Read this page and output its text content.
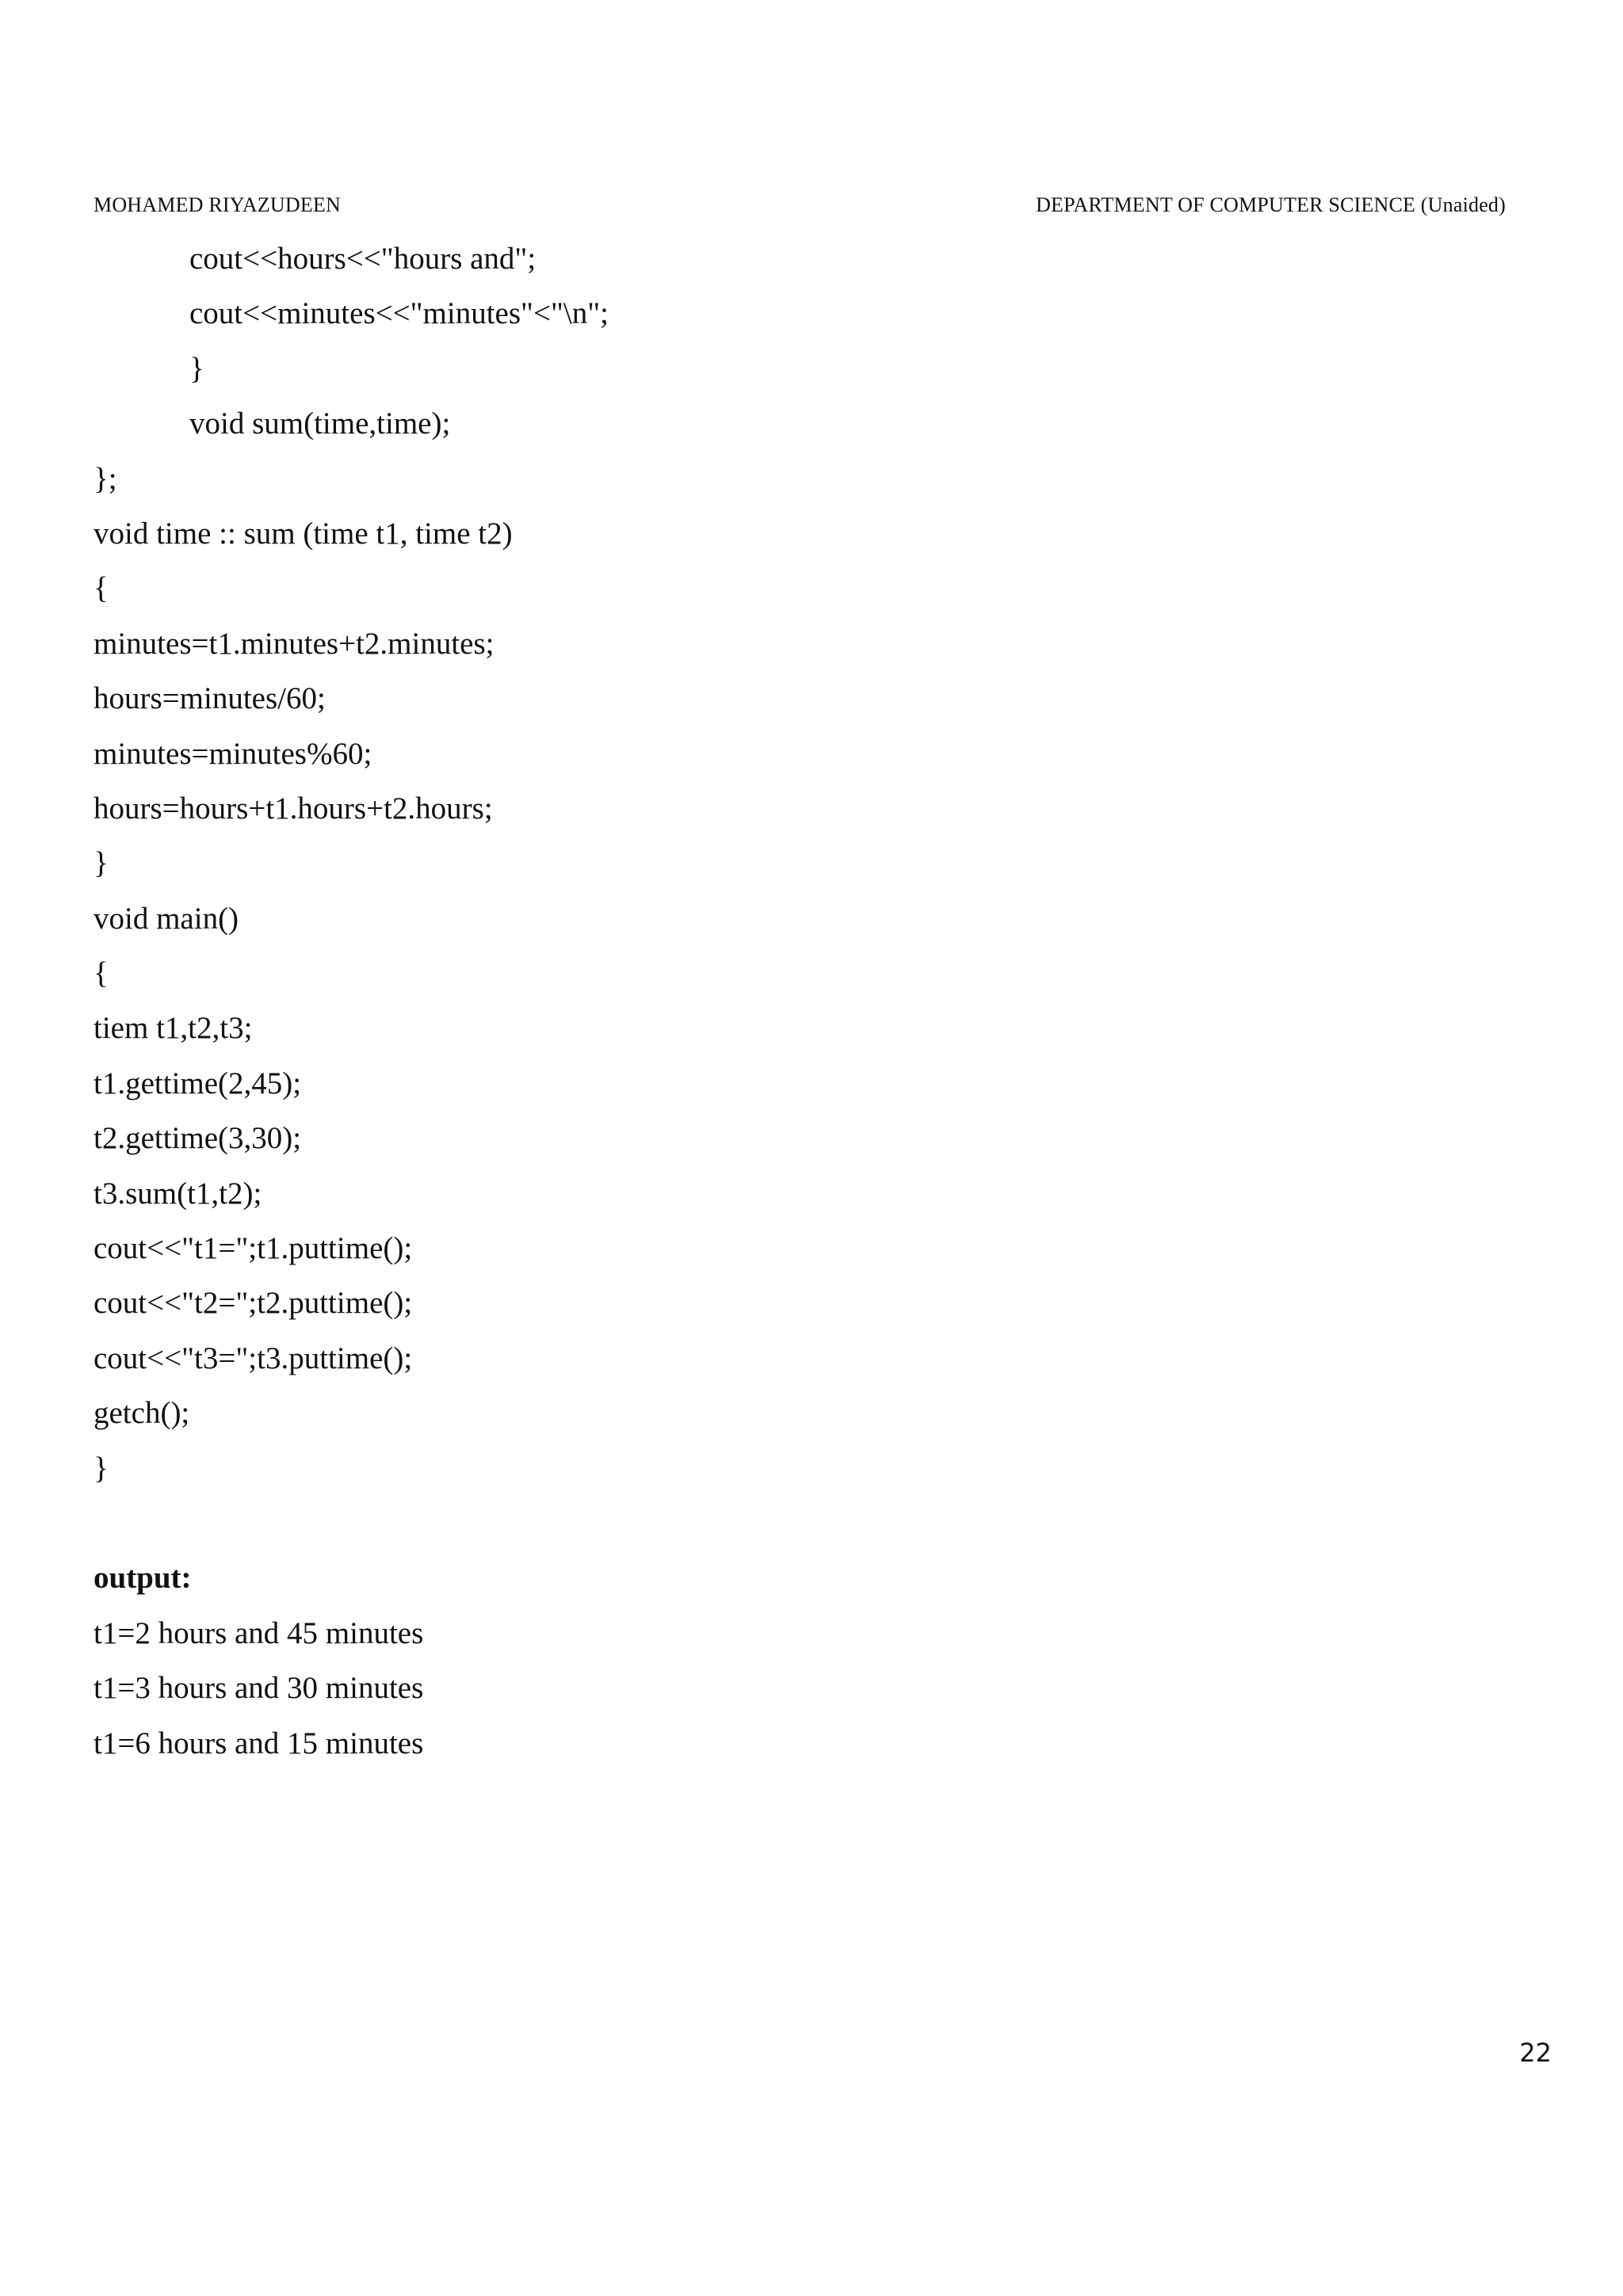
MOHAMED RIYAZUDEEN	DEPARTMENT OF COMPUTER SCIENCE (Unaided)
cout<<hours<<"hours and";
cout<<minutes<<"minutes"<"\n";
}
void sum(time,time);
};
void time :: sum (time t1, time t2)
{
minutes=t1.minutes+t2.minutes;
hours=minutes/60;
minutes=minutes%60;
hours=hours+t1.hours+t2.hours;
}
void main()
{
tiem t1,t2,t3;
t1.gettime(2,45);
t2.gettime(3,30);
t3.sum(t1,t2);
cout<<"t1=";t1.puttime();
cout<<"t2=";t2.puttime();
cout<<"t3=";t3.puttime();
getch();
}
output:
t1=2 hours and 45 minutes
t1=3 hours and 30 minutes
t1=6 hours and 15 minutes
22
